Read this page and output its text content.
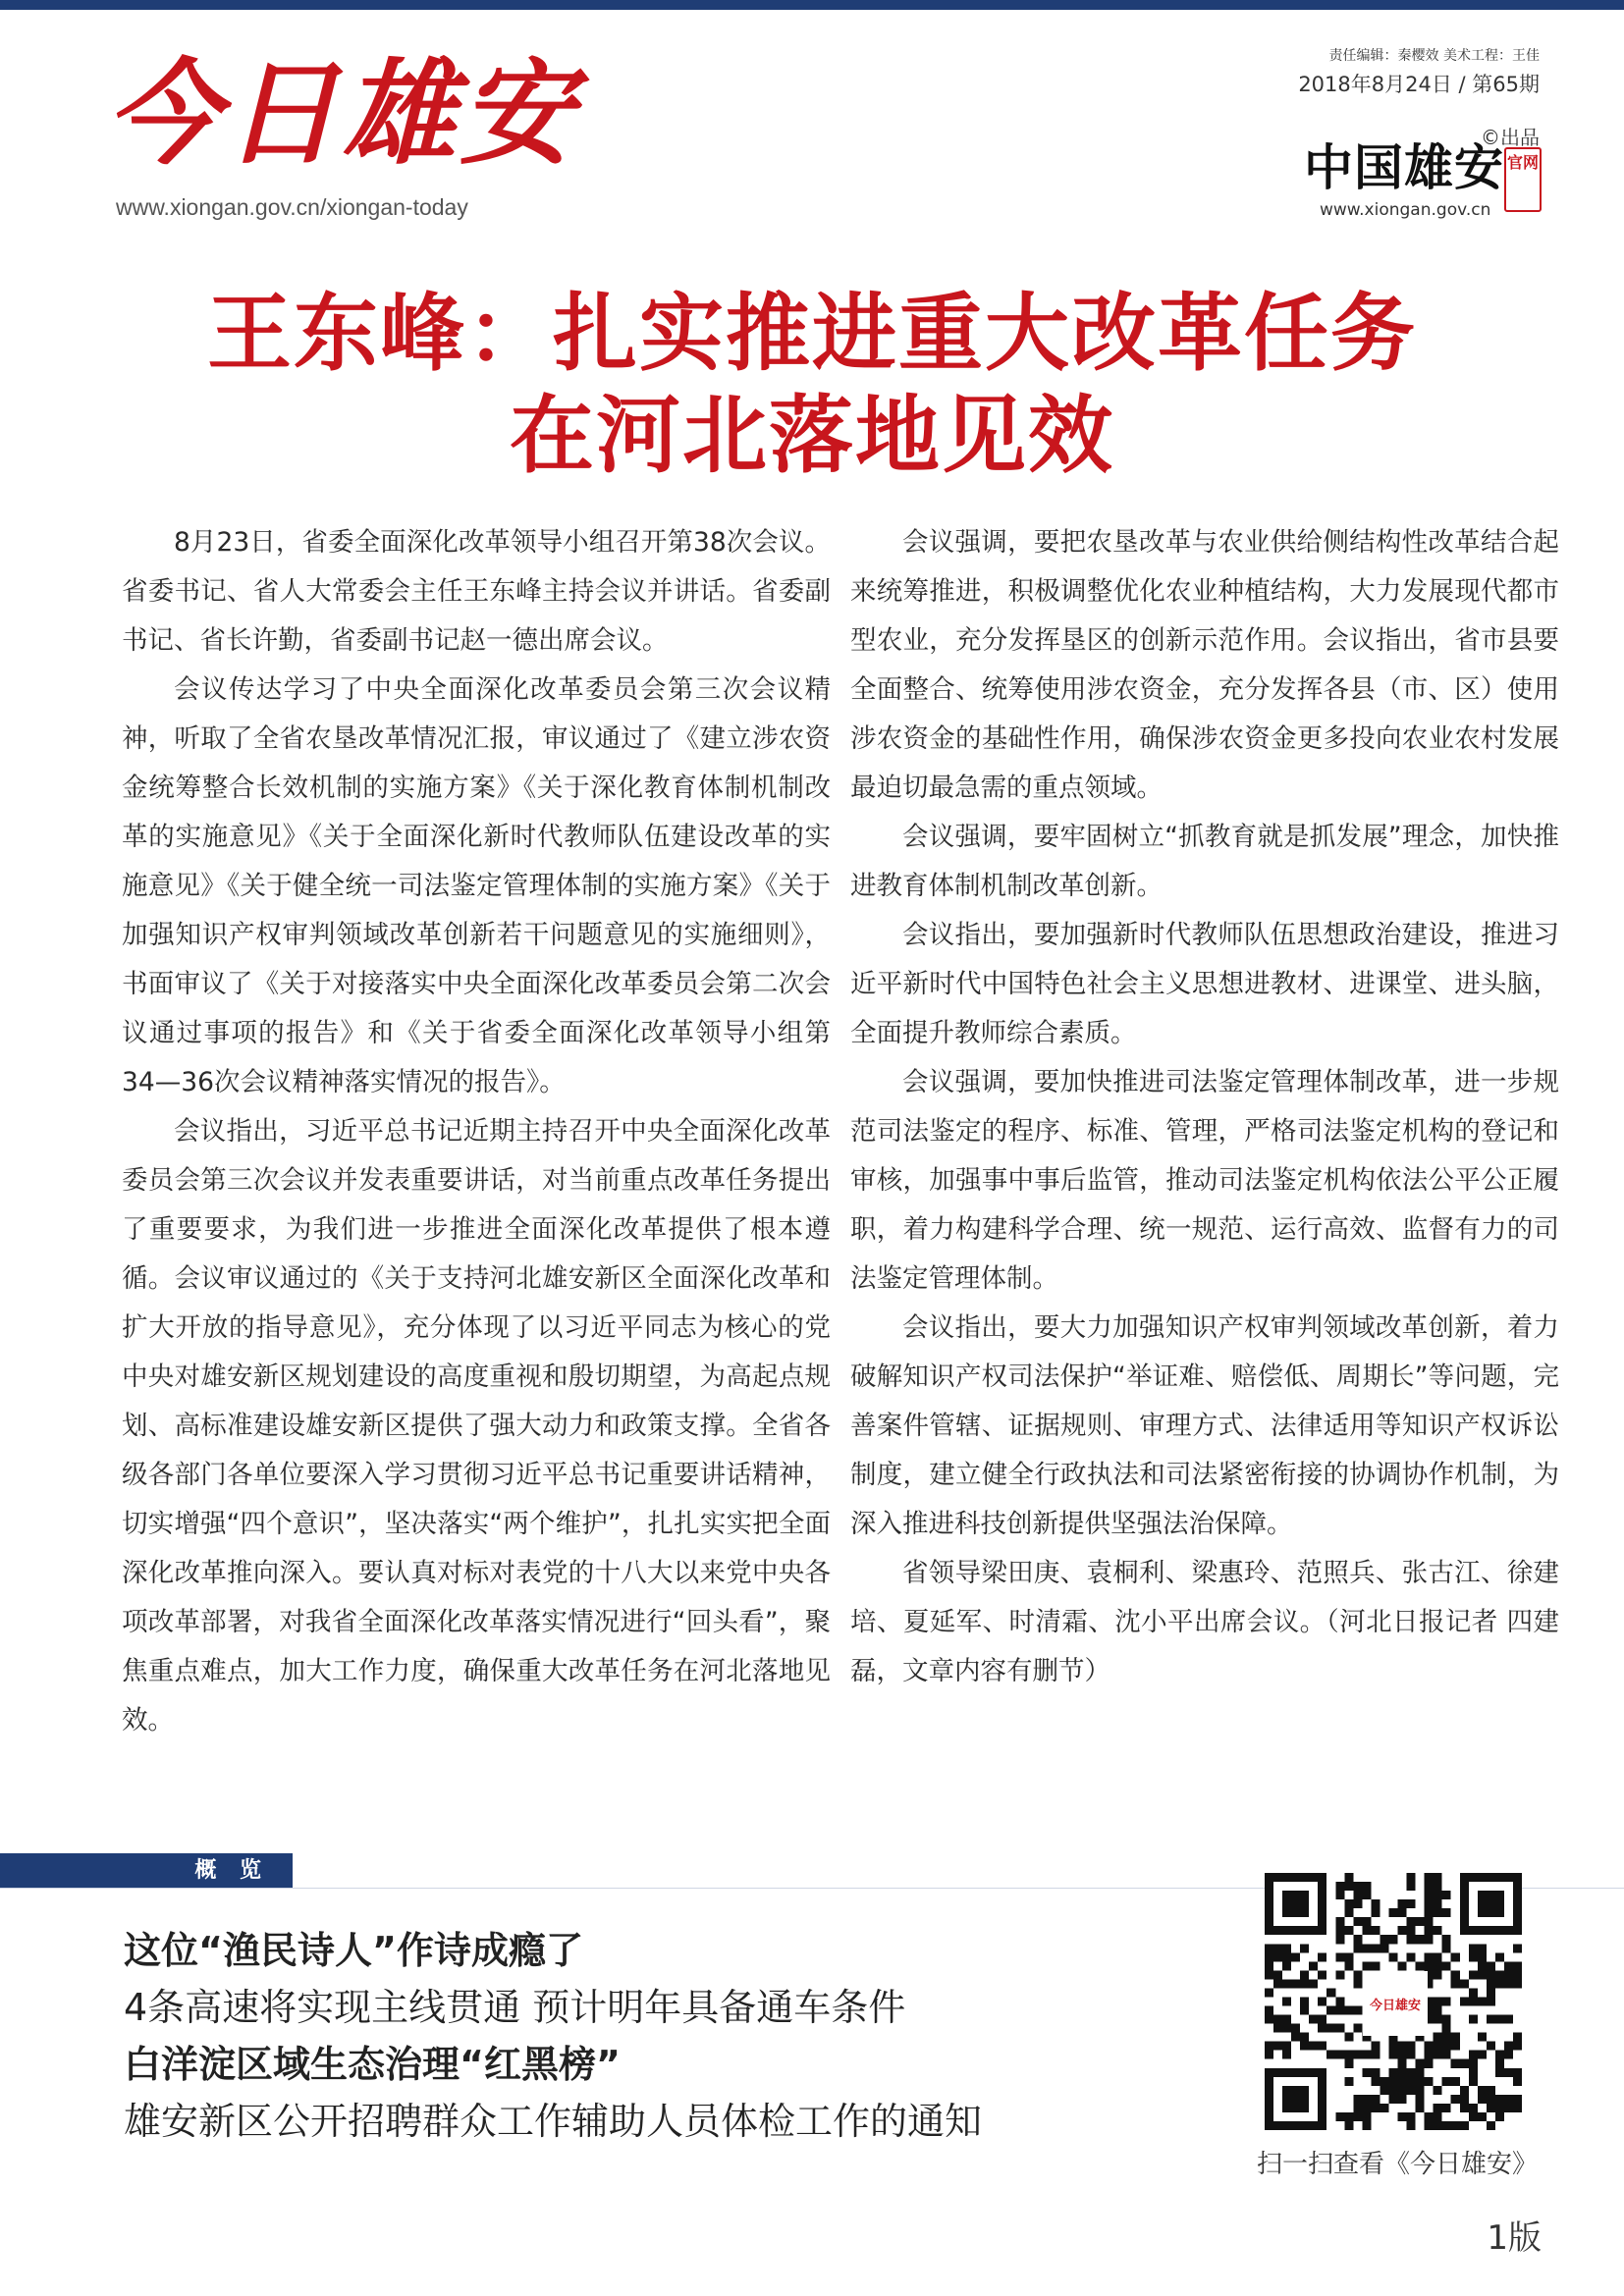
今日雄安
www.xiongan.gov.cn/xiongan-today
责任编辑：秦樱效 美术工程：王佳
2018年8月24日 / 第65期
©出品
中国雄安 官网
www.xiongan.gov.cn
王东峰：扎实推进重大改革任务
在河北落地见效

8月23日，省委全面深化改革领导小组召开第38次会议。省委书记、省人大常委会主任王东峰主持会议并讲话。省委副书记、省长许勤，省委副书记赵一德出席会议。

会议传达学习了中央全面深化改革委员会第三次会议精神，听取了全省农垦改革情况汇报，审议通过了《建立涉农资金统筹整合长效机制的实施方案》《关于深化教育体制机制改革的实施意见》《关于全面深化新时代教师队伍建设改革的实施意见》《关于健全统一司法鉴定管理体制的实施方案》《关于加强知识产权审判领域改革创新若干问题意见的实施细则》，书面审议了《关于对接落实中央全面深化改革委员会第二次会议通过事项的报告》和《关于省委全面深化改革领导小组第34—36次会议精神落实情况的报告》。

会议指出，习近平总书记近期主持召开中央全面深化改革委员会第三次会议并发表重要讲话，对当前重点改革任务提出了重要要求，为我们进一步推进全面深化改革提供了根本遵循。会议审议通过的《关于支持河北雄安新区全面深化改革和扩大开放的指导意见》，充分体现了以习近平同志为核心的党中央对雄安新区规划建设的高度重视和殷切期望，为高起点规划、高标准建设雄安新区提供了强大动力和政策支撑。全省各级各部门各单位要深入学习贯彻习近平总书记重要讲话精神，切实增强“四个意识”，坚决落实“两个维护”，扎扎实实把全面深化改革推向深入。要认真对标对表党的十八大以来党中央各项改革部署，对我省全面深化改革落实情况进行“回头看”，聚焦重点难点，加大工作力度，确保重大改革任务在河北落地见效。

会议强调，要把农垦改革与农业供给侧结构性改革结合起来统筹推进，积极调整优化农业种植结构，大力发展现代都市型农业，充分发挥垦区的创新示范作用。会议指出，省市县要全面整合、统筹使用涉农资金，充分发挥各县（市、区）使用涉农资金的基础性作用，确保涉农资金更多投向农业农村发展最迫切最急需的重点领域。

会议强调，要牢固树立“抓教育就是抓发展”理念，加快推进教育体制机制改革创新。

会议指出，要加强新时代教师队伍思想政治建设，推进习近平新时代中国特色社会主义思想进教材、进课堂、进头脑，全面提升教师综合素质。

会议强调，要加快推进司法鉴定管理体制改革，进一步规范司法鉴定的程序、标准、管理，严格司法鉴定机构的登记和审核，加强事中事后监管，推动司法鉴定机构依法公平公正履职，着力构建科学合理、统一规范、运行高效、监督有力的司法鉴定管理体制。

会议指出，要大力加强知识产权审判领域改革创新，着力破解知识产权司法保护“举证难、赔偿低、周期长”等问题，完善案件管辖、证据规则、审理方式、法律适用等知识产权诉讼制度，建立健全行政执法和司法紧密衔接的协调协作机制，为深入推进科技创新提供坚强法治保障。

省领导梁田庚、袁桐利、梁惠玲、范照兵、张古江、徐建培、夏延军、时清霜、沈小平出席会议。（河北日报记者 四建磊，文章内容有删节）

概 览
这位“渔民诗人”作诗成瘾了
4条高速将实现主线贯通 预计明年具备通车条件
白洋淀区域生态治理“红黑榜”
雄安新区公开招聘群众工作辅助人员体检工作的通知
今日雄安
扫一扫查看《今日雄安》
1版
